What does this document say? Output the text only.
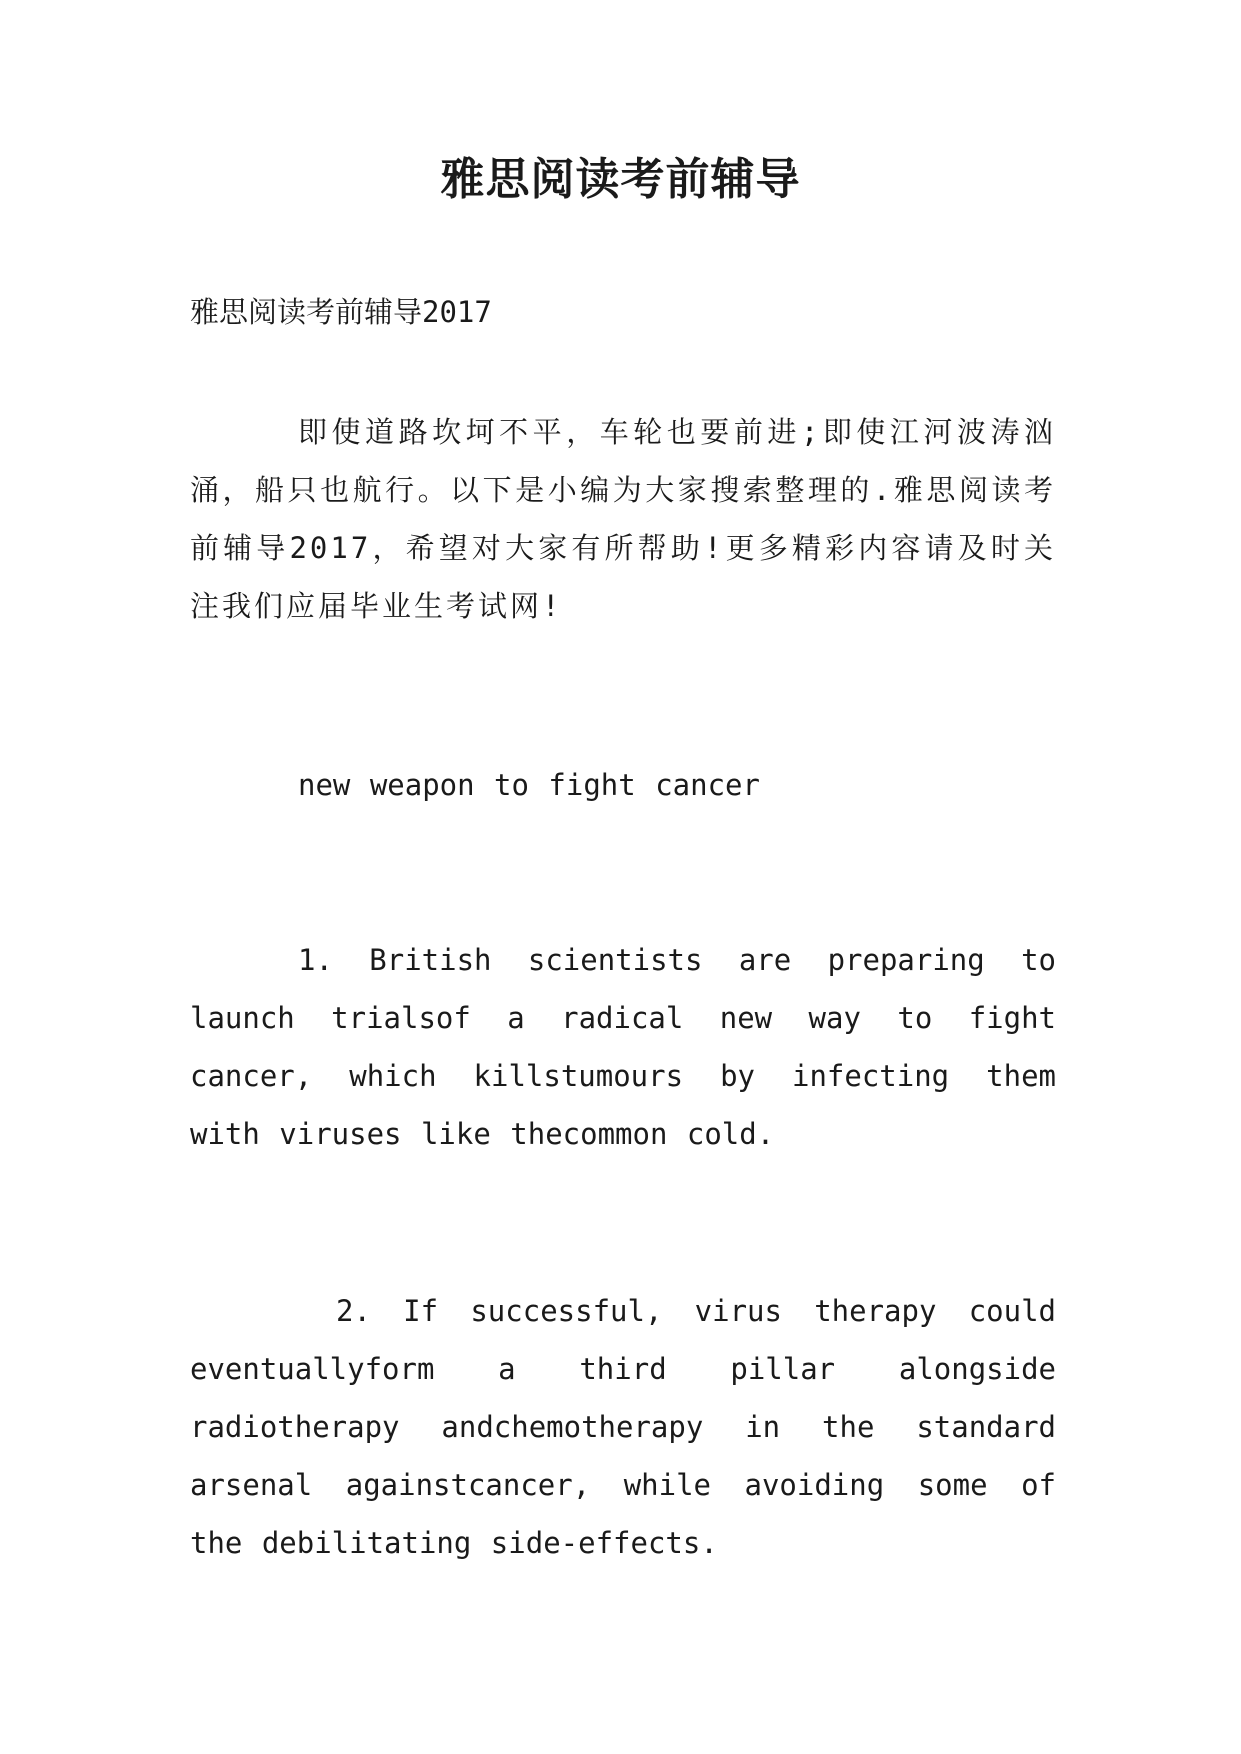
雅思阅读考前辅导

雅思阅读考前辅导2017

即使道路坎坷不平，车轮也要前进;即使江河波涛汹涌，船只也航行。以下是小编为大家搜索整理的.雅思阅读考前辅导2017，希望对大家有所帮助!更多精彩内容请及时关注我们应届毕业生考试网!

new weapon to fight cancer

1. British scientists are preparing to launch trialsof a radical new way to fight cancer, which killstumours by infecting them with viruses like thecommon cold.

2. If successful, virus therapy could eventuallyform a third pillar alongside radiotherapy andchemotherapy in the standard arsenal againstcancer, while avoiding some of the debilitating side-effects.
